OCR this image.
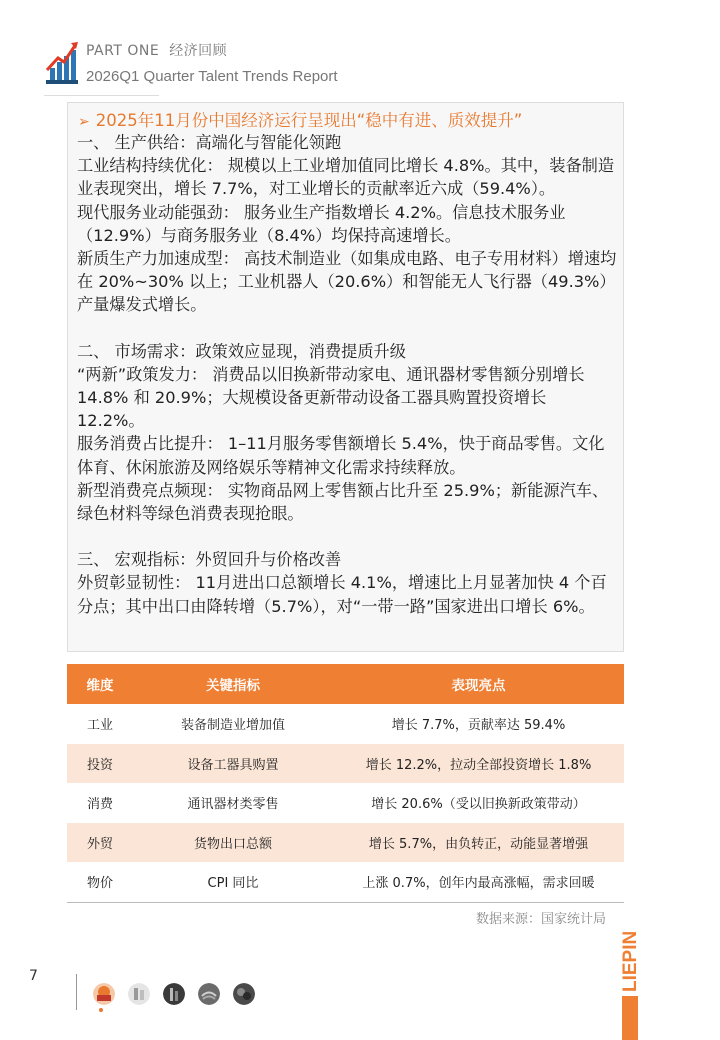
PART ONE 经济回顾
2026Q1 Quarter Talent Trends Report
➢ 2025年11月份中国经济运行呈现出“稳中有进、质效提升”

一、 生产供给：高端化与智能化领跑

工业结构持续优化： 规模以上工业增加值同比增长 4.8%。其中，装备制造业表现突出，增长 7.7%，对工业增长的贡献率近六成（59.4%）。

现代服务业动能强劲： 服务业生产指数增长 4.2%。信息技术服务业（12.9%）与商务服务业（8.4%）均保持高速增长。

新质生产力加速成型： 高技术制造业（如集成电路、电子专用材料）增速均在 20%~30% 以上；工业机器人（20.6%）和智能无人飞行器（49.3%）产量爆发式增长。

二、 市场需求：政策效应显现，消费提质升级

“两新”政策发力： 消费品以旧换新带动家电、通讯器材零售额分别增长 14.8% 和 20.9%；大规模设备更新带动设备工器具购置投资增长 12.2%。

服务消费占比提升： 1–11月服务零售额增长 5.4%，快于商品零售。文化体育、休闲旅游及网络娱乐等精神文化需求持续释放。

新型消费亮点频现： 实物商品网上零售额占比升至 25.9%；新能源汽车、绿色材料等绿色消费表现抢眼。

三、 宏观指标：外贸回升与价格改善

外贸彰显韧性： 11月进出口总额增长 4.1%，增速比上月显著加快 4 个百分点；其中出口由降转增（5.7%），对“一带一路”国家进出口增长 6%。

维度	关键指标	表现亮点
工业	装备制造业增加值	增长 7.7%，贡献率达 59.4%
投资	设备工器具购置	增长 12.2%，拉动全部投资增长 1.8%
消费	通讯器材类零售	增长 20.6%（受以旧换新政策带动）
外贸	货物出口总额	增长 5.7%，由负转正，动能显著增强
物价	CPI 同比	上涨 0.7%，创年内最高涨幅，需求回暖
数据来源：国家统计局
7	LIEPIN
